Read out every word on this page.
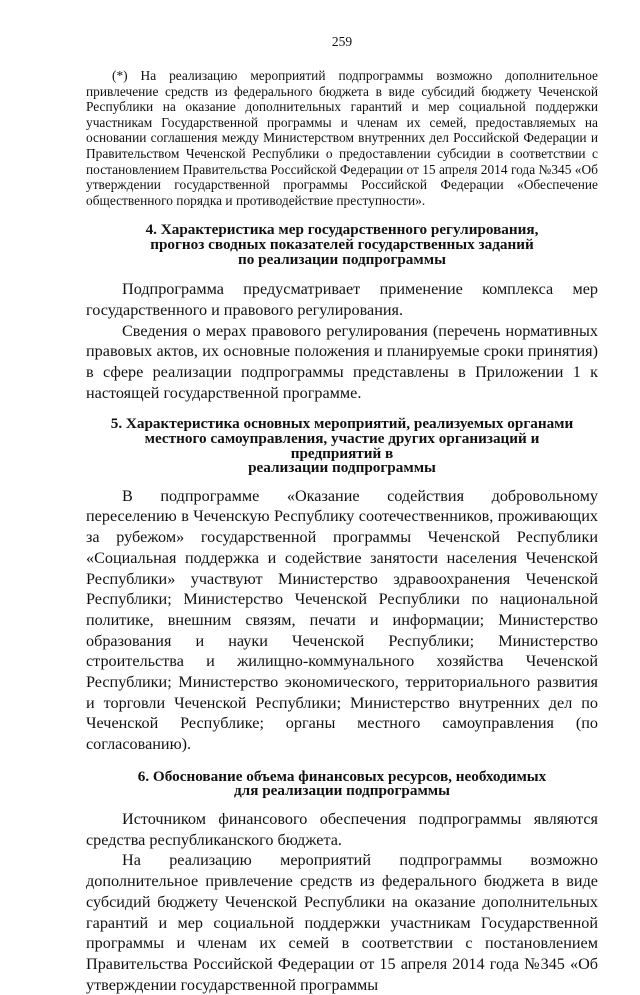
259

(*) На реализацию мероприятий подпрограммы возможно дополнительное привлечение средств из федерального бюджета в виде субсидий бюджету Чеченской Республики на оказание дополнительных гарантий и мер социальной поддержки участникам Государственной программы и членам их семей, предоставляемых на основании соглашения между Министерством внутренних дел Российской Федерации и Правительством Чеченской Республики о предоставлении субсидии в соответствии с постановлением Правительства Российской Федерации от 15 апреля 2014 года №345 «Об утверждении государственной программы Российской Федерации «Обеспечение общественного порядка и противодействие преступности».

4. Характеристика мер государственного регулирования,
прогноз сводных показателей государственных заданий
по реализации подпрограммы

Подпрограмма предусматривает применение комплекса мер государственного и правового регулирования.

Сведения о мерах правового регулирования (перечень нормативных правовых актов, их основные положения и планируемые сроки принятия) в сфере реализации подпрограммы представлены в Приложении 1 к настоящей государственной программе.

5. Характеристика основных мероприятий, реализуемых органами
местного самоуправления, участие других организаций и предприятий в
реализации подпрограммы

В подпрограмме «Оказание содействия добровольному переселению в Чеченскую Республику соотечественников, проживающих за рубежом» государственной программы Чеченской Республики «Социальная поддержка и содействие занятости населения Чеченской Республики» участвуют Министерство здравоохранения Чеченской Республики; Министерство Чеченской Республики по национальной политике, внешним связям, печати и информации; Министерство образования и науки Чеченской Республики; Министерство строительства и жилищно-коммунального хозяйства Чеченской Республики; Министерство экономического, территориального развития и торговли Чеченской Республики; Министерство внутренних дел по Чеченской Республике; органы местного самоуправления (по согласованию).

6. Обоснование объема финансовых ресурсов, необходимых
для реализации подпрограммы

Источником финансового обеспечения подпрограммы являются средства республиканского бюджета.

На реализацию мероприятий подпрограммы возможно дополнительное привлечение средств из федерального бюджета в виде субсидий бюджету Чеченской Республики на оказание дополнительных гарантий и мер социальной поддержки участникам Государственной программы и членам их семей в соответствии с постановлением Правительства Российской Федерации от 15 апреля 2014 года №345 «Об утверждении государственной программы
